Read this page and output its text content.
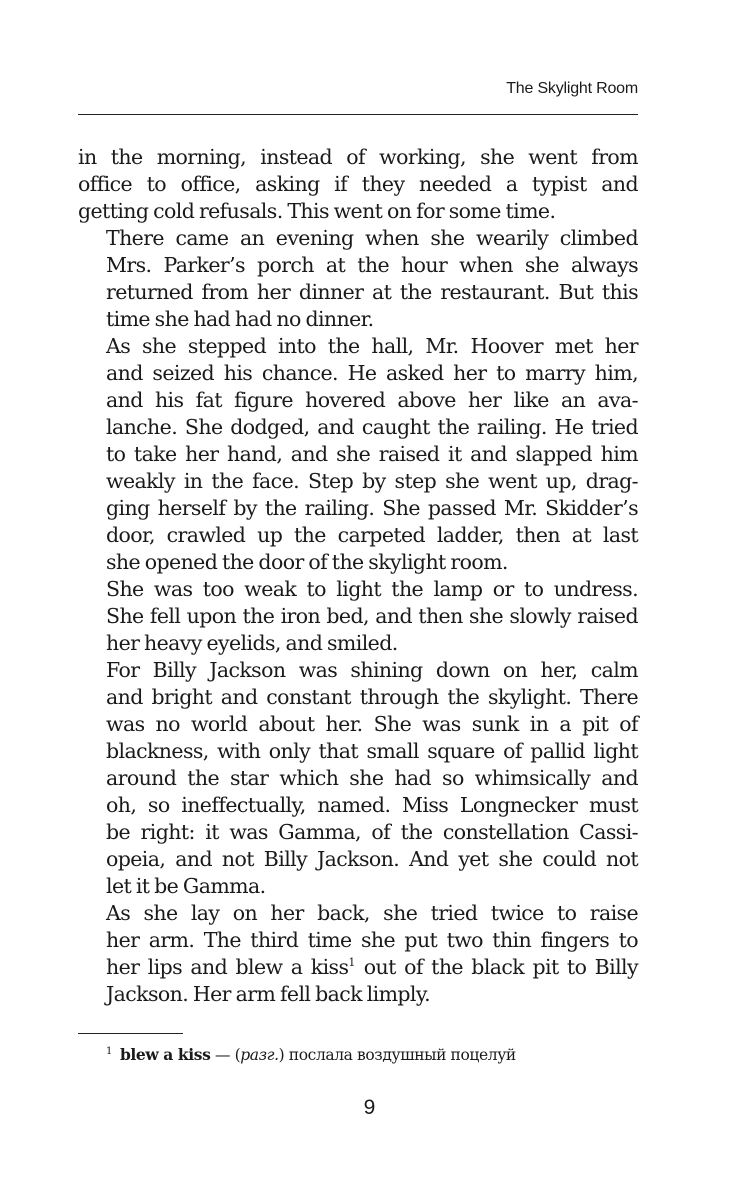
The Skylight Room

in the morning, instead of working, she went from
office to office, asking if they needed a typist and
getting cold refusals. This went on for some time.

There came an evening when she wearily climbed
Mrs. Parker’s porch at the hour when she always
returned from her dinner at the restaurant. But this
time she had had no dinner.

As she stepped into the hall, Mr. Hoover met her
and seized his chance. He asked her to marry him,
and his fat figure hovered above her like an ava-
lanche. She dodged, and caught the railing. He tried
to take her hand, and she raised it and slapped him
weakly in the face. Step by step she went up, drag-
ging herself by the railing. She passed Mr. Skidder’s
door, crawled up the carpeted ladder, then at last
she opened the door of the skylight room.

She was too weak to light the lamp or to undress.
She fell upon the iron bed, and then she slowly raised
her heavy eyelids, and smiled.

For Billy Jackson was shining down on her, calm
and bright and constant through the skylight. There
was no world about her. She was sunk in a pit of
blackness, with only that small square of pallid light
around the star which she had so whimsically and
oh, so ineffectually, named. Miss Longnecker must
be right: it was Gamma, of the constellation Cassi-
opeia, and not Billy Jackson. And yet she could not
let it be Gamma.

As she lay on her back, she tried twice to raise
her arm. The third time she put two thin fingers to
her lips and blew a kiss$^1$ out of the black pit to Billy
Jackson. Her arm fell back limply.

$^1$ blew a kiss — (разг.) послала воздушный поцелуй
9
